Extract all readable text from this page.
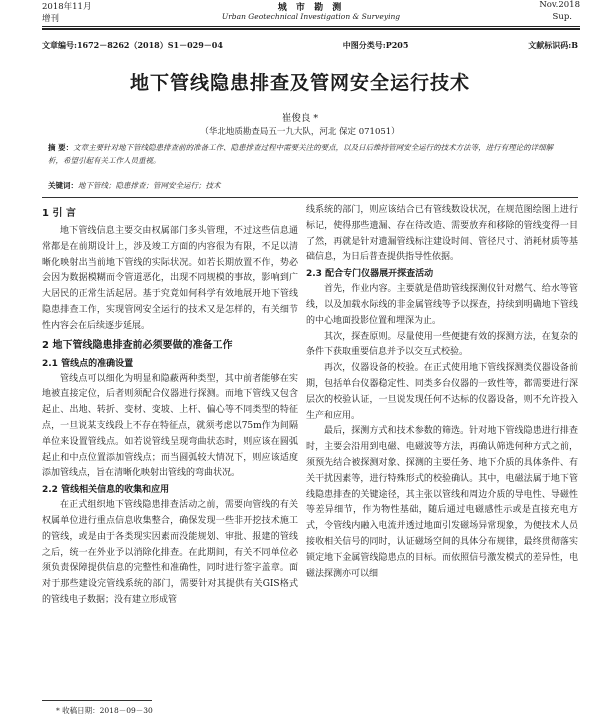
2018年11月
增刊
城 市 勘 测
Urban Geotechnical Investigation & Surveying
Nov.2018
Sup.
文章编号:1672－8262（2018）S1－029－04	中图分类号:P205	文献标识码:B
地下管线隐患排查及管网安全运行技术
崔俊良 *
（华北地质勘查局五一九大队，河北 保定 071051）
摘 要：文章主要针对地下管线隐患排查前的准备工作、隐患排查过程中需要关注的要点，以及日后维持管网安全运行的技术方法等，进行有理论的详细解析，希望引起有关工作人员重视。
关键词：地下管线；隐患排查；管网安全运行；技术
1 引 言

地下管线信息主要交由权属部门多头管理，不过这些信息通常都是在前期设计上，涉及竣工方面的内容很为有限，不足以清晰化映射出当前地下管线的实际状况。如若长期放置不作，势必会因为数据模糊而令管道恶化，出现不同规模的事故，影响到广大居民的正常生活起居。基于究竟如何科学有效地展开地下管线隐患排查工作，实现管网安全运行的技术又是怎样的，有关细节性内容会在后续逐步延展。

2 地下管线隐患排查前必须要做的准备工作
2.1 管线点的准确设置

管线点可以细化为明显和隐蔽两种类型，其中前者能够在实地被直接定位，后者则须配合仪器进行探测。而地下管线又包含起止、出地、转折、变材、变坡、上杆、偏心等不同类型的特征点，一旦说某支线段上不存在特征点，就须考虑以75m作为间隔单位来设置管线点。如若说管线呈现弯曲状态时，则应该在圆弧起止和中点位置添加管线点；而当圆弧较大情况下，则应该适度添加管线点，旨在清晰化映射出管线的弯曲状况。

2.2 管线相关信息的收集和应用

在正式组织地下管线隐患排查活动之前，需要向管线的有关权属单位进行重点信息收集整合，确保发现一些非开挖技术施工的管线，或是由于各类现实因素而没能规划、审批、报建的管线之后，统一在外业予以消除化排查。在此期间，有关不同单位必须负责保障提供信息的完整性和准确性，同时进行签字盖章。面对于那些建设完管线系统的部门，需要针对其提供有关GIS格式的管线电子数据；没有建立形成管

线系统的部门，则应该结合已有管线数设状况，在规范图绘图上进行标记，使得那些遗漏、存在待改造、需要放弃和移除的管线变得一目了然，再就是针对遗漏管线标注建设时间、管径尺寸、消耗材质等基础信息，为日后普查提供指导性依据。

2.3 配合专门仪器展开探查活动

首先，作业内容。主要就是借助管线探测仪针对燃气、给水等管线，以及加载水际线的非金属管线等予以探查，持续到明确地下管线的中心地面投影位置和埋深为止。

其次，探查原则。尽量使用一些便捷有效的探测方法，在复杂的条件下获取重要信息并予以交互式校验。

再次，仪器设备的校验。在正式使用地下管线探测类仪器设备前期，包括单台仪器稳定性、同类多台仪器的一致性等，都需要进行深层次的校验认证，一旦说发现任何不达标的仪器设备，则不允许投入生产和应用。

最后，探测方式和技术参数的筛选。针对地下管线隐患进行排查时，主要会沿用到电磁、电磁波等方法，再确认筛选何种方式之前，须预先结合被探测对象、探测的主要任务、地下介质的具体条件、有关干扰因素等，进行特殊形式的校验确认。其中，电磁法属于地下管线隐患排查的关键途径，其主张以管线和周边介质的导电性、导磁性等差异细节，作为物性基础，随后通过电磁感性示或是直接充电方式，令管线内融入电流并透过地面引发磁场异常现象，为便技术人员接收相关信号的同时，认证磁场空间的具体分布规律，最终贯彻落实锁定地下金属管线隐患点的目标。而依照信号激发模式的差异性，电磁法探测亦可以细

* 收稿日期：2018－09－30
